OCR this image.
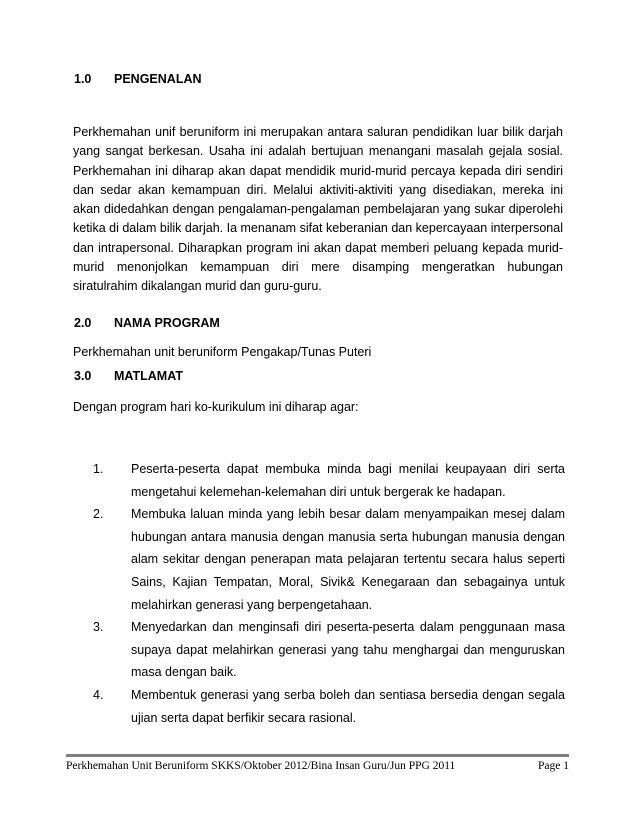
1.0	PENGENALAN

Perkhemahan unif beruniform ini merupakan antara saluran pendidikan luar bilik darjah yang sangat berkesan. Usaha ini adalah bertujuan menangani masalah gejala sosial. Perkhemahan ini diharap akan dapat mendidik murid-murid percaya kepada diri sendiri dan sedar akan kemampuan diri. Melalui aktiviti-aktiviti yang disediakan, mereka ini akan didedahkan dengan pengalaman-pengalaman pembelajaran yang sukar diperolehi ketika di dalam bilik darjah. Ia menanam sifat keberanian dan kepercayaan interpersonal dan intrapersonal. Diharapkan program ini akan dapat memberi peluang kepada murid-murid menonjolkan kemampuan diri mere disamping mengeratkan hubungan siratulrahim dikalangan murid dan guru-guru.

2.0	NAMA PROGRAM

Perkhemahan unit beruniform Pengakap/Tunas Puteri

3.0	MATLAMAT

Dengan program hari ko-kurikulum ini diharap agar:

1.	Peserta-peserta dapat membuka minda bagi menilai keupayaan diri serta mengetahui kelemehan-kelemahan diri untuk bergerak ke hadapan.
2.	Membuka laluan minda yang lebih besar dalam menyampaikan mesej dalam hubungan antara manusia dengan manusia serta hubungan manusia dengan alam sekitar dengan penerapan mata pelajaran tertentu secara halus seperti Sains, Kajian Tempatan, Moral, Sivik& Kenegaraan dan sebagainya untuk melahirkan generasi yang berpengetahaan.
3.	Menyedarkan dan menginsafi diri peserta-peserta dalam penggunaan masa supaya dapat melahirkan generasi yang tahu menghargai dan menguruskan masa dengan baik.
4.	Membentuk generasi yang serba boleh dan sentiasa bersedia dengan segala ujian serta dapat berfikir secara rasional.
Perkhemahan Unit Beruniform SKKS/Oktober 2012/Bina Insan Guru/Jun PPG 2011	Page 1
